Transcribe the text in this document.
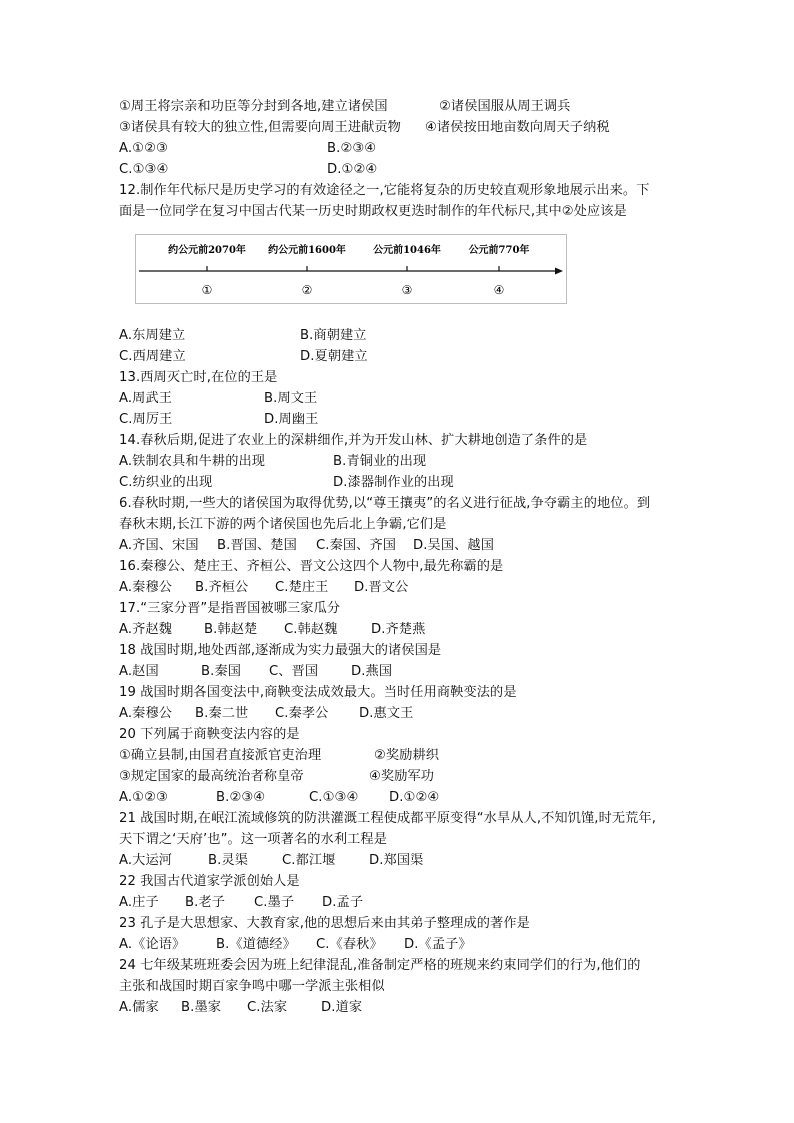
①周王将宗亲和功臣等分封到各地,建立诸侯国	②诸侯国服从周王调兵
③诸侯具有较大的独立性,但需要向周王进献贡物 ④诸侯按田地亩数向周天子纳税
A.①②③	B.②③④
C.①③④	D.①②④
12.制作年代标尺是历史学习的有效途径之一,它能将复杂的历史较直观形象地展示出来。下
面是一位同学在复习中国古代某一历史时期政权更迭时制作的年代标尺,其中②处应该是
A.东周建立	B.商朝建立
C.西周建立	D.夏朝建立
13.西周灭亡时,在位的王是
A.周武王	B.周文王
C.周厉王	D.周幽王
14.春秋后期,促进了农业上的深耕细作,并为开发山林、扩大耕地创造了条件的是
A.铁制农具和牛耕的出现	B.青铜业的出现
C.纺织业的出现	D.漆器制作业的出现
6.春秋时期,一些大的诸侯国为取得优势,以“尊王攘夷”的名义进行征战,争夺霸主的地位。到
春秋末期,长江下游的两个诸侯国也先后北上争霸,它们是
A.齐国、宋国 B.晋国、楚国 C.秦国、齐国 D.吴国、越国
16.秦穆公、楚庄王、齐桓公、晋文公这四个人物中,最先称霸的是
A.秦穆公 B.齐桓公 C.楚庄王 D.晋文公
17.“三家分晋”是指晋国被哪三家瓜分
A.齐赵魏 B.韩赵楚 C.韩赵魏	D.齐楚燕
18 战国时期,地处西部,逐渐成为实力最强大的诸侯国是
A.赵国	B.秦国 C、晋国 D.燕国
19 战国时期各国变法中,商鞅变法成效最大。当时任用商鞅变法的是
A.秦穆公 B.秦二世 C.秦孝公 D.惠文王
20 下列属于商鞅变法内容的是
①确立县制,由国君直接派官吏治理	②奖励耕织
③规定国家的最高统治者称皇帝	④奖励军功
A.①②③	B.②③④	C.①③④ D.①②④
21 战国时期,在岷江流域修筑的防洪灌溉工程使成都平原变得“水旱从人,不知饥馑,时无荒年,
天下谓之‘天府’也”。这一项著名的水利工程是
A.大运河	B.灵渠	C.都江堰	D.郑国渠
22 我国古代道家学派创始人是
A.庄子 B.老子 C.墨子 D.孟子
23 孔子是大思想家、大教育家,他的思想后来由其弟子整理成的著作是
A.《论语》 B.《道德经》 C.《春秋》 D.《孟子》
24 七年级某班班委会因为班上纪律混乱,准备制定严格的班规来约束同学们的行为,他们的
主张和战国时期百家争鸣中哪一学派主张相似
A.儒家 B.墨家 C.法家	D.道家
约公元前2070年 约公元前1600年	公元前1046年	公元前770年
①	②	③	④
